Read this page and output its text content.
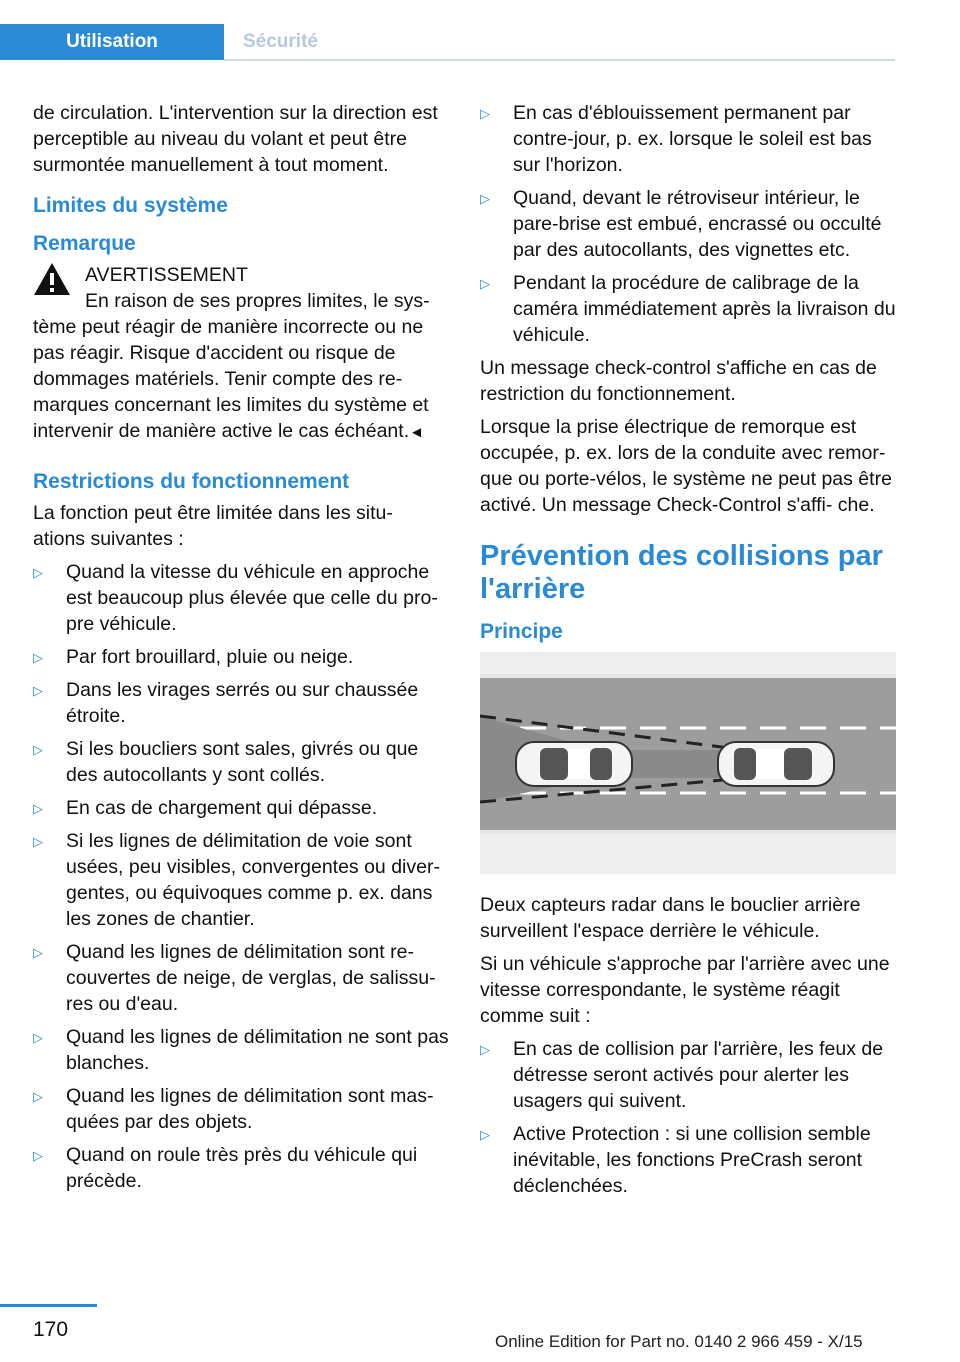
Utilisation	Sécurité

de circulation. L'intervention sur la direction est perceptible au niveau du volant et peut être surmontée manuellement à tout moment.

Limites du système
Remarque
AVERTISSEMENT
En raison de ses propres limites, le sys‐
tème peut réagir de manière incorrecte ou ne pas réagir. Risque d'accident ou risque de dommages matériels. Tenir compte des re‐ marques concernant les limites du système et intervenir de manière active le cas échéant.◄
Restrictions du fonctionnement

La fonction peut être limitée dans les situ‐ ations suivantes :

▷ Quand la vitesse du véhicule en approche est beaucoup plus élevée que celle du pro‐ pre véhicule.
▷ Par fort brouillard, pluie ou neige.
▷ Dans les virages serrés ou sur chaussée étroite.
▷ Si les boucliers sont sales, givrés ou que des autocollants y sont collés.
▷ En cas de chargement qui dépasse.
▷ Si les lignes de délimitation de voie sont usées, peu visibles, convergentes ou diver‐ gentes, ou équivoques comme p. ex. dans les zones de chantier.
▷ Quand les lignes de délimitation sont re‐ couvertes de neige, de verglas, de salissu‐ res ou d'eau.
▷ Quand les lignes de délimitation ne sont pas blanches.
▷ Quand les lignes de délimitation sont mas‐ quées par des objets.
▷ Quand on roule très près du véhicule qui précède.
▷ En cas d'éblouissement permanent par contre-jour, p. ex. lorsque le soleil est bas sur l'horizon.
▷ Quand, devant le rétroviseur intérieur, le pare-brise est embué, encrassé ou occulté par des autocollants, des vignettes etc.
▷ Pendant la procédure de calibrage de la caméra immédiatement après la livraison du véhicule.

Un message check-control s'affiche en cas de restriction du fonctionnement.

Lorsque la prise électrique de remorque est occupée, p. ex. lors de la conduite avec remor‐ que ou porte-vélos, le système ne peut pas être activé. Un message Check-Control s'affi‐ che.

Prévention des collisions par l'arrière
Principe

Deux capteurs radar dans le bouclier arrière surveillent l'espace derrière le véhicule.

Si un véhicule s'approche par l'arrière avec une vitesse correspondante, le système réagit comme suit :

▷ En cas de collision par l'arrière, les feux de détresse seront activés pour alerter les usagers qui suivent.
▷ Active Protection : si une collision semble inévitable, les fonctions PreCrash seront déclenchées.
170
Online Edition for Part no. 0140 2 966 459 - X/15
